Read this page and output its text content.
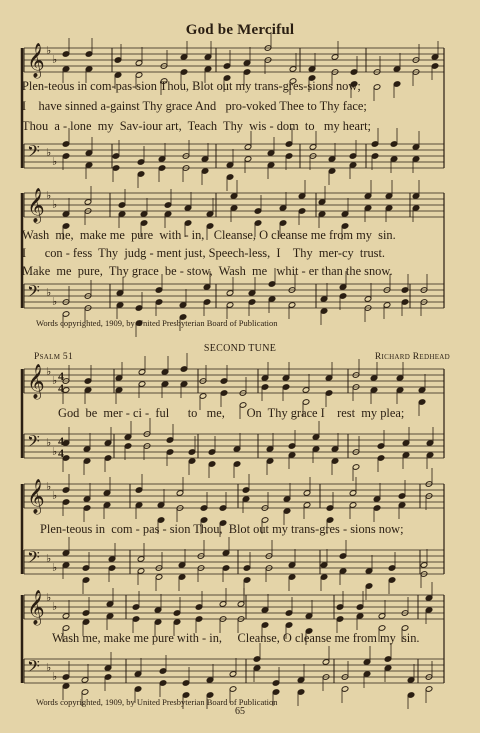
𝄞 ♭
♭
𝄢 ♭
♭
𝄞 ♭
♭
𝄢 ♭
♭
𝄞 ♭
♭
𝄢 ♭
♭
𝄞 ♭
♭
𝄢 ♭
♭
𝄞 ♭
♭
𝄢 ♭
♭
4
4
4
4
God be Merciful
Plen-teous in com-pas-sion Thou, Blot out my trans-gres-sions now;
I    have sinned a-gainst Thy grace And   pro-voked Thee to Thy face;
Thou  a - lone  my  Sav-iour art,  Teach  Thy  wis - dom  to   my heart;
Wash  me,  make me  pure  with - in,   Cleanse, O cleanse me from my  sin.
I      con - fess  Thy  judg - ment just, Speech-less,  I    Thy  mer-cy  trust.
Make  me  pure,  Thy grace  be - stow,  Wash  me   whit - er than the snow.
Words copyrighted, 1909, by United Presbyterian Board of Publication
SECOND TUNE
Psalm 51	Richard Redhead
God  be  mer - ci -  ful      to   me,       On  Thy grace I    rest  my plea;
Plen-teous in  com - pas - sion Thou,  Blot out my trans-gres - sions now;
Wash me, make me pure with - in,     Cleanse, O cleanse me from my  sin.
Words copyrighted, 1909, by United Presbyterian Board of Publication
65
